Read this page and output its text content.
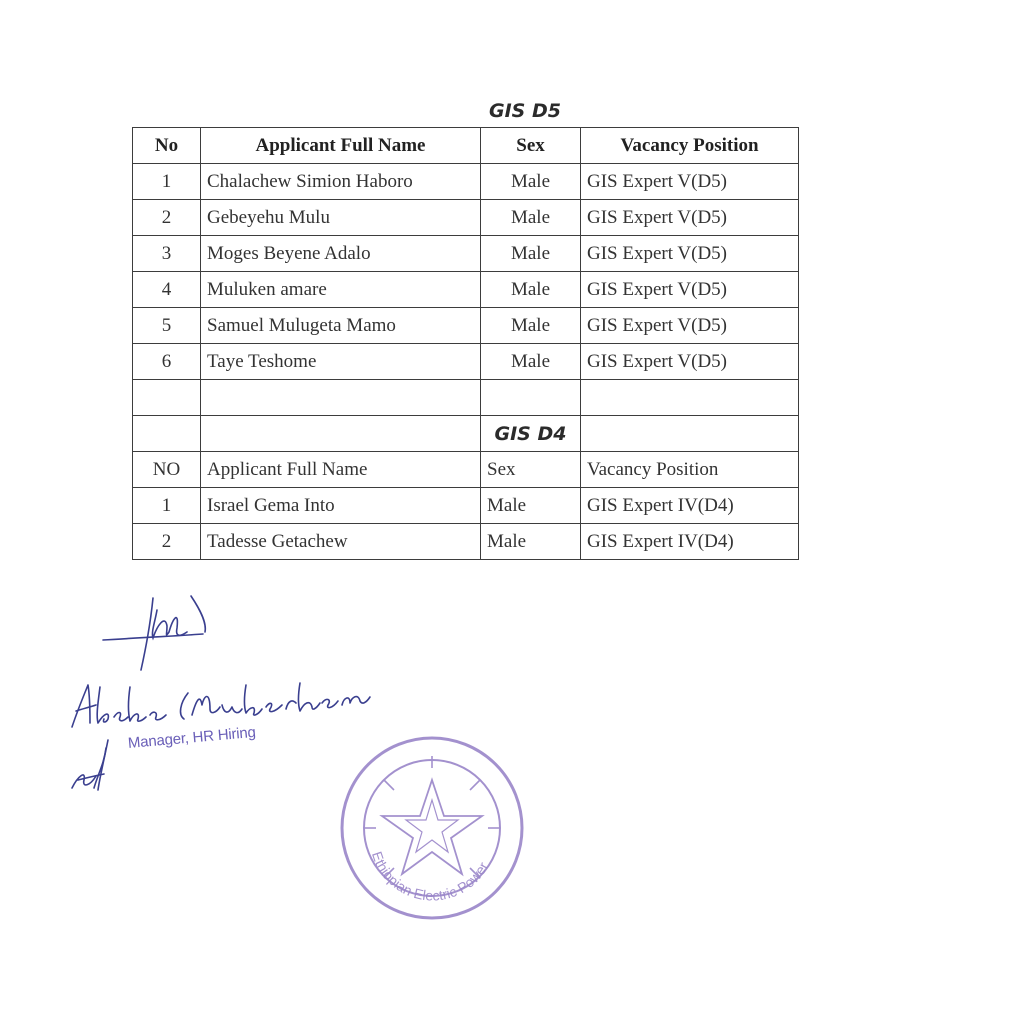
GIS D5
No	Applicant Full Name	Sex	Vacancy Position
1	Chalachew Simion Haboro	Male	GIS Expert V(D5)
2	Gebeyehu Mulu	Male	GIS Expert V(D5)
3	Moges Beyene Adalo	Male	GIS Expert V(D5)
4	Muluken amare	Male	GIS Expert V(D5)
5	Samuel Mulugeta Mamo	Male	GIS Expert V(D5)
6	Taye Teshome	Male	GIS Expert V(D5)

		GIS D4	
NO	Applicant Full Name	Sex	Vacancy Position
1	Israel Gema Into	Male	GIS Expert IV(D4)
2	Tadesse Getachew	Male	GIS Expert IV(D4)
Manager, HR Hiring
Ethiopian Electric Power
